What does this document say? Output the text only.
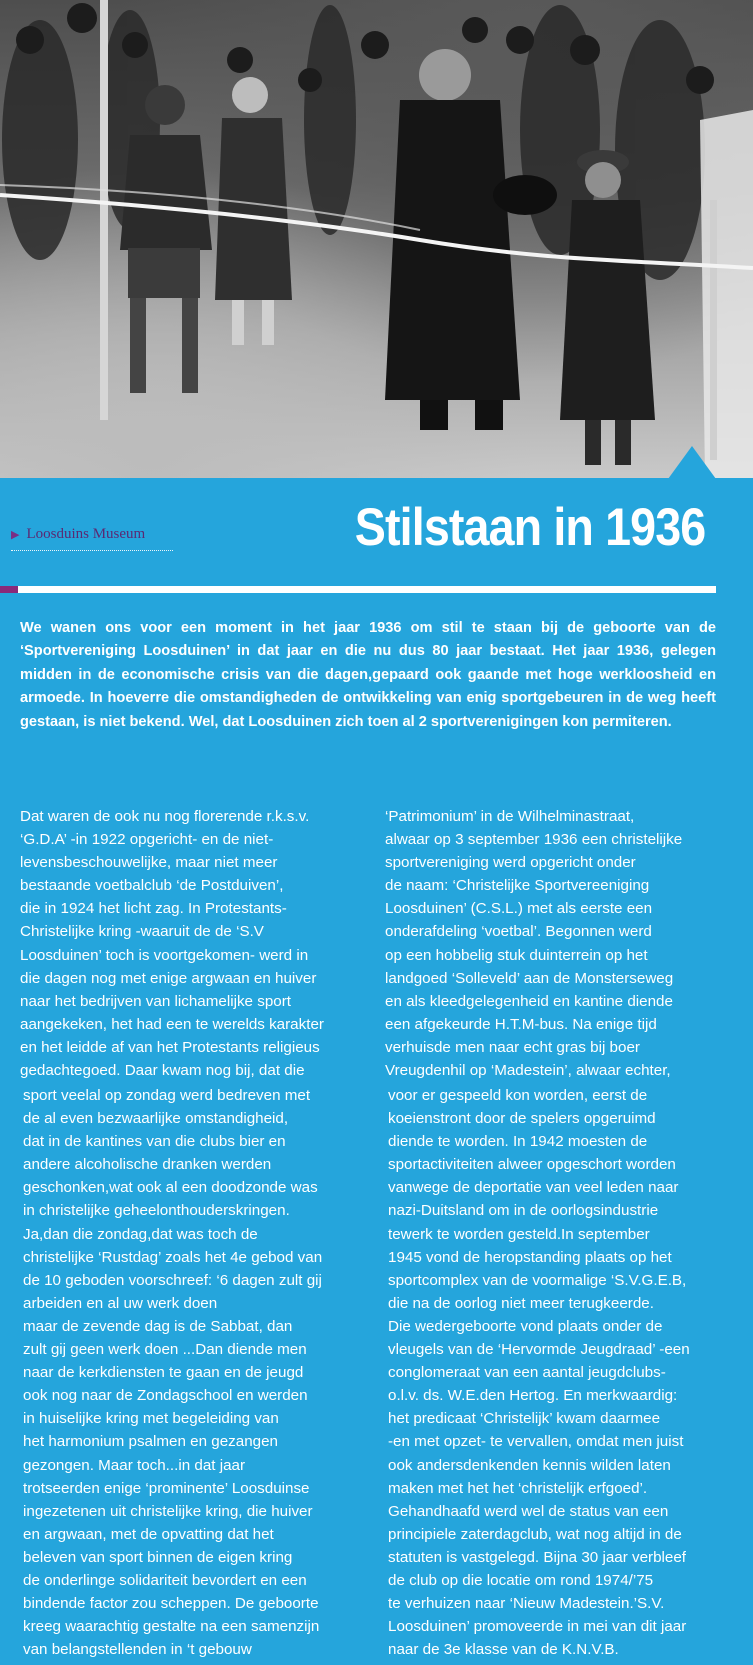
▶ Loosduins Museum	Stilstaan in 1936

We wanen ons voor een moment in het jaar 1936 om stil te staan bij de geboorte van de ‘Sportvereniging Loosduinen’ in dat jaar en die nu dus 80 jaar bestaat. Het jaar 1936, gelegen midden in de economische crisis van die dagen,gepaard ook gaande met hoge werkloosheid en armoede. In hoeverre die omstandigheden de ontwikkeling van enig sportgebeuren in de weg heeft gestaan, is niet bekend. Wel, dat Loosduinen zich toen al 2 sportverenigingen kon permiteren.

Dat waren de ook nu nog florerende r.k.s.v.

‘G.D.A’ -in 1922 opgericht- en de niet-

levensbeschouwelijke, maar niet meer

bestaande voetbalclub ‘de Postduiven’,

die in 1924 het licht zag. In Protestants-

Christelijke kring -waaruit de de ‘S.V

Loosduinen’ toch is voortgekomen- werd in

die dagen nog met enige argwaan en huiver

naar het bedrijven van lichamelijke sport

aangekeken, het had een te werelds karakter

en het leidde af van het Protestants religieus

gedachtegoed. Daar kwam nog bij, dat die

sport veelal op zondag werd bedreven met

de al even bezwaarlijke omstandigheid,

dat in de kantines van die clubs bier en

andere alcoholische dranken werden

geschonken,wat ook al een doodzonde was

in christelijke geheelonthouderskringen.

Ja,dan die zondag,dat was toch de

christelijke ‘Rustdag’ zoals het 4e gebod van

de 10 geboden voorschreef: ‘6 dagen zult gij

arbeiden en al uw werk doen

maar de zevende dag is de Sabbat, dan

zult gij geen werk doen ...Dan diende men

naar de kerkdiensten te gaan en de jeugd

ook nog naar de Zondagschool en werden

in huiselijke kring met begeleiding van

het harmonium psalmen en gezangen

gezongen. Maar toch...in dat jaar

trotseerden enige ‘prominente’ Loosduinse

ingezetenen uit christelijke kring, die huiver

en argwaan, met de opvatting dat het

beleven van sport binnen de eigen kring

de onderlinge solidariteit bevordert en een

bindende factor zou scheppen. De geboorte

kreeg waarachtig gestalte na een samenzijn

van belangstellenden in ‘t gebouw

‘Patrimonium’ in de Wilhelminastraat,

alwaar op 3 september 1936 een christelijke

sportvereniging werd opgericht onder

de naam: ‘Christelijke Sportvereeniging

Loosduinen’ (C.S.L.) met als eerste een

onderafdeling ‘voetbal’. Begonnen werd

op een hobbelig stuk duinterrein op het

landgoed ‘Solleveld’ aan de Monsterseweg

en als kleedgelegenheid en kantine diende

een afgekeurde H.T.M-bus. Na enige tijd

verhuisde men naar echt gras bij boer

Vreugdenhil op ‘Madestein’, alwaar echter,

voor er gespeeld kon worden, eerst de

koeienstront door de spelers opgeruimd

diende te worden. In 1942 moesten de

sportactiviteiten alweer opgeschort worden

vanwege de deportatie van veel leden naar

nazi-Duitsland om in de oorlogsindustrie

tewerk te worden gesteld.In september

1945 vond de heropstanding plaats op het

sportcomplex van de voormalige ‘S.V.G.E.B,

die na de oorlog niet meer terugkeerde.

Die wedergeboorte vond plaats onder de

vleugels van de ‘Hervormde Jeugdraad’ -een

conglomeraat van een aantal jeugdclubs-

o.l.v. ds. W.E.den Hertog. En merkwaardig:

het predicaat ‘Christelijk’ kwam daarmee

-en met opzet- te vervallen, omdat men juist

ook andersdenkenden kennis wilden laten

maken met het het ‘christelijk erfgoed’.

Gehandhaafd werd wel de status van een

principiele zaterdagclub, wat nog altijd in de

statuten is vastgelegd. Bijna 30 jaar verbleef

de club op die locatie om rond 1974/’75

te verhuizen naar ‘Nieuw Madestein.’S.V.

Loosduinen’ promoveerde in mei van dit jaar

naar de 3e klasse van de K.N.V.B.
